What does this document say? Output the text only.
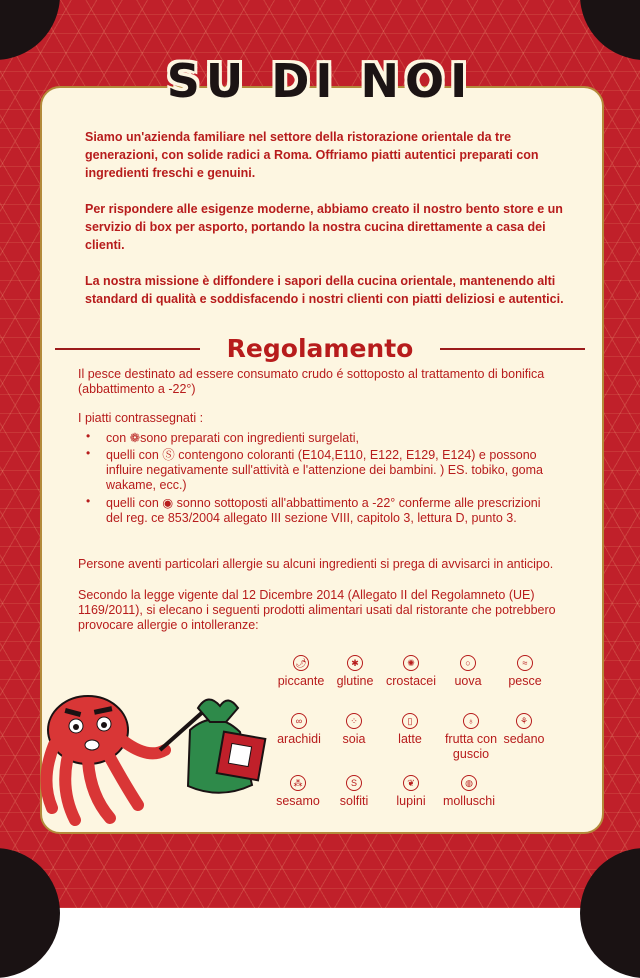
SU DI NOI

Siamo un'azienda familiare nel settore della ristorazione orientale da tre generazioni, con solide radici a Roma. Offriamo piatti autentici preparati con ingredienti freschi e genuini.

Per rispondere alle esigenze moderne, abbiamo creato il nostro bento store e un servizio di box per asporto, portando la nostra cucina direttamente a casa dei clienti.

La nostra missione è diffondere i sapori della cucina orientale, mantenendo alti standard di qualità e soddisfacendo i nostri clienti con piatti deliziosi e autentici.

Regolamento

Il pesce destinato ad essere consumato crudo é sottoposto al trattamento di bonifica (abbattimento a -22°)

I piatti contrassegnati :

• con ❁sono preparati con ingredienti surgelati,

• quelli con Ⓢ contengono coloranti (E104,E110, E122, E129, E124) e possono influire negativamente sull'attività e l'attenzione dei bambini. ) ES. tobiko, goma wakame, ecc.)

• quelli con ◉ sonno sottoposti all'abbattimento a -22° conferme alle prescrizioni del reg. ce 853/2004 allegato III sezione VIII, capitolo 3, lettura D, punto 3.

Persone aventi particolari allergie su alcuni ingredienti si prega di avvisarci in anticipo.

Secondo la legge vigente dal 12 Dicembre 2014 (Allegato II del Regolamneto (UE) 1169/2011), si elecano i seguenti prodotti alimentari usati dal ristorante che potrebbero provocare allergie o intolleranze:

🌶
piccante
✱
glutine
✺
crostacei
○
uova
≈
pesce
∞
arachidi
⁘
soia
▯
latte
♁
frutta con guscio
⚘
sedano
⁂
sesamo
S
solfiti
❦
lupini
◍
molluschi
